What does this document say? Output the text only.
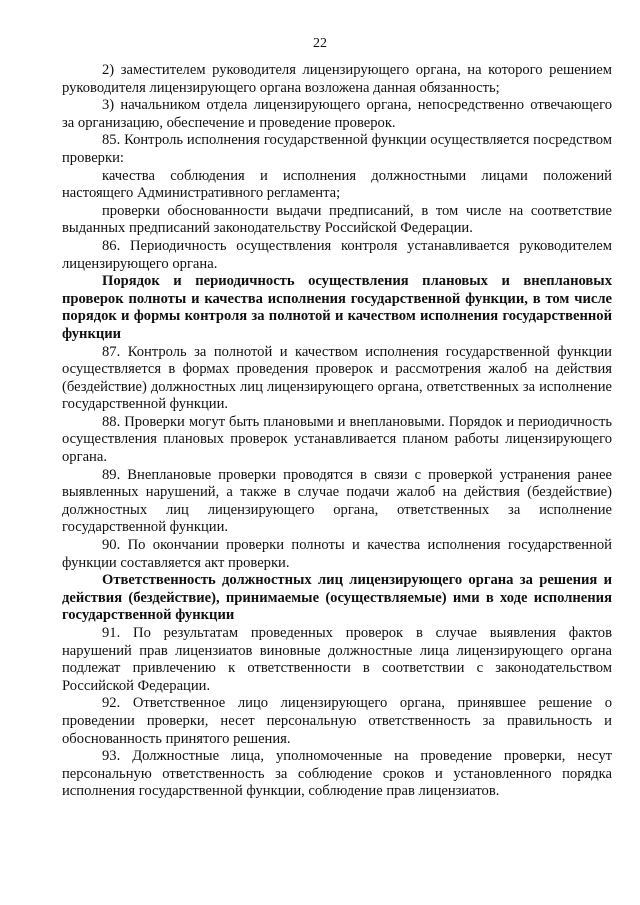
22

2) заместителем руководителя лицензирующего органа, на которого решением руководителя лицензирующего органа возложена данная обязанность;

3) начальником отдела лицензирующего органа, непосредственно отвечающего за организацию, обеспечение и проведение проверок.

85. Контроль исполнения государственной функции осуществляется посредством проверки:

качества соблюдения и исполнения должностными лицами положений настоящего Административного регламента;

проверки обоснованности выдачи предписаний, в том числе на соответствие выданных предписаний законодательству Российской Федерации.

86. Периодичность осуществления контроля устанавливается руководителем лицензирующего органа.

Порядок и периодичность осуществления плановых и внеплановых проверок полноты и качества исполнения государственной функции, в том числе порядок и формы контроля за полнотой и качеством исполнения государственной функции

87. Контроль за полнотой и качеством исполнения государственной функции осуществляется в формах проведения проверок и рассмотрения жалоб на действия (бездействие) должностных лиц лицензирующего органа, ответственных за исполнение государственной функции.

88. Проверки могут быть плановыми и внеплановыми. Порядок и периодичность осуществления плановых проверок устанавливается планом работы лицензирующего органа.

89. Внеплановые проверки проводятся в связи с проверкой устранения ранее выявленных нарушений, а также в случае подачи жалоб на действия (бездействие) должностных лиц лицензирующего органа, ответственных за исполнение государственной функции.

90. По окончании проверки полноты и качества исполнения государственной функции составляется акт проверки.

Ответственность должностных лиц лицензирующего органа за решения и действия (бездействие), принимаемые (осуществляемые) ими в ходе исполнения государственной функции

91. По результатам проведенных проверок в случае выявления фактов нарушений прав лицензиатов виновные должностные лица лицензирующего органа подлежат привлечению к ответственности в соответствии с законодательством Российской Федерации.

92. Ответственное лицо лицензирующего органа, принявшее решение о проведении проверки, несет персональную ответственность за правильность и обоснованность принятого решения.

93. Должностные лица, уполномоченные на проведение проверки, несут персональную ответственность за соблюдение сроков и установленного порядка исполнения государственной функции, соблюдение прав лицензиатов.
